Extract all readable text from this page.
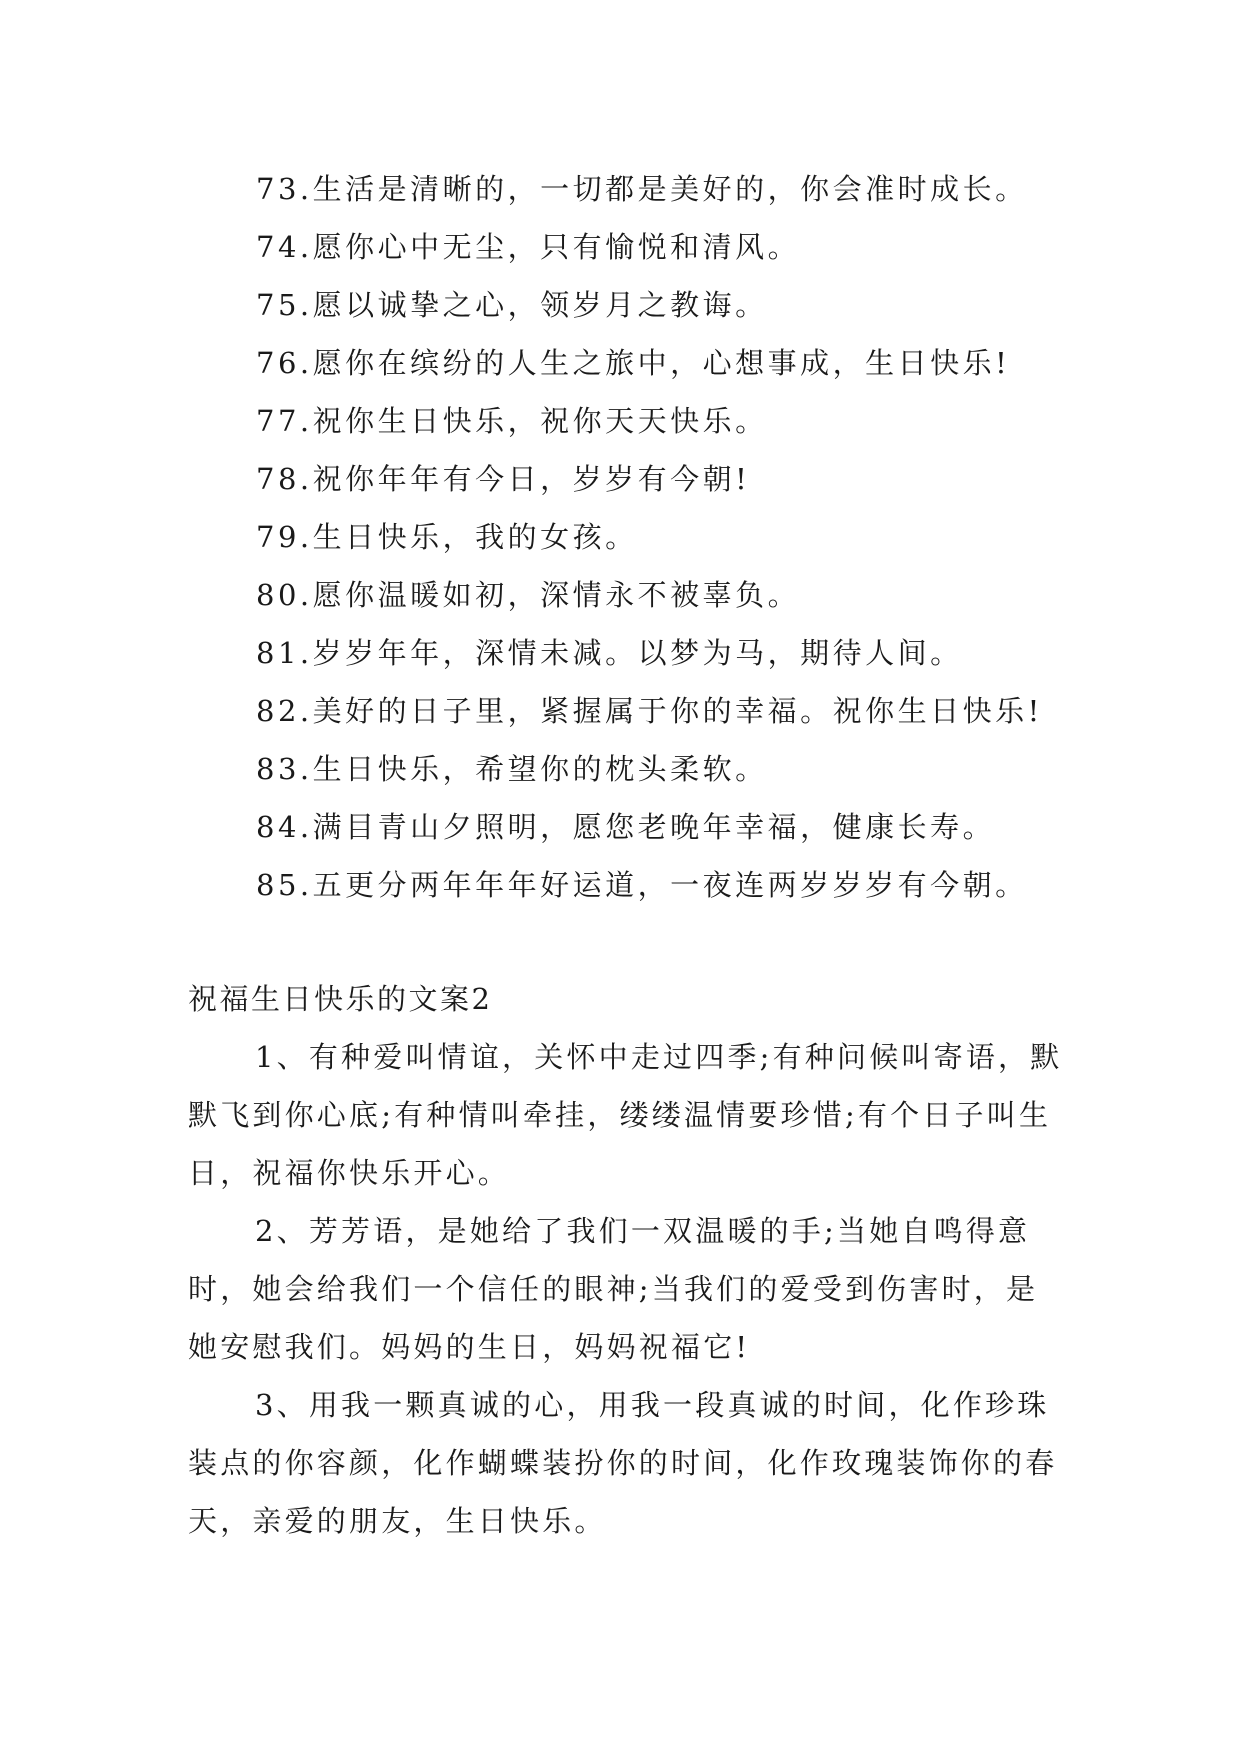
73.生活是清晰的，一切都是美好的，你会准时成长。
74.愿你心中无尘，只有愉悦和清风。
75.愿以诚挚之心，领岁月之教诲。
76.愿你在缤纷的人生之旅中，心想事成，生日快乐!
77.祝你生日快乐，祝你天天快乐。
78.祝你年年有今日，岁岁有今朝!
79.生日快乐，我的女孩。
80.愿你温暖如初，深情永不被辜负。
81.岁岁年年，深情未减。以梦为马，期待人间。
82.美好的日子里，紧握属于你的幸福。祝你生日快乐!
83.生日快乐，希望你的枕头柔软。
84.满目青山夕照明，愿您老晚年幸福，健康长寿。
85.五更分两年年年好运道，一夜连两岁岁岁有今朝。
祝福生日快乐的文案2

1、有种爱叫情谊，关怀中走过四季;有种问候叫寄语，默默飞到你心底;有种情叫牵挂，缕缕温情要珍惜;有个日子叫生日，祝福你快乐开心。

2、芳芳语，是她给了我们一双温暖的手;当她自鸣得意时，她会给我们一个信任的眼神;当我们的爱受到伤害时，是她安慰我们。妈妈的生日，妈妈祝福它!

3、用我一颗真诚的心，用我一段真诚的时间，化作珍珠装点的你容颜，化作蝴蝶装扮你的时间，化作玫瑰装饰你的春天，亲爱的朋友，生日快乐。
